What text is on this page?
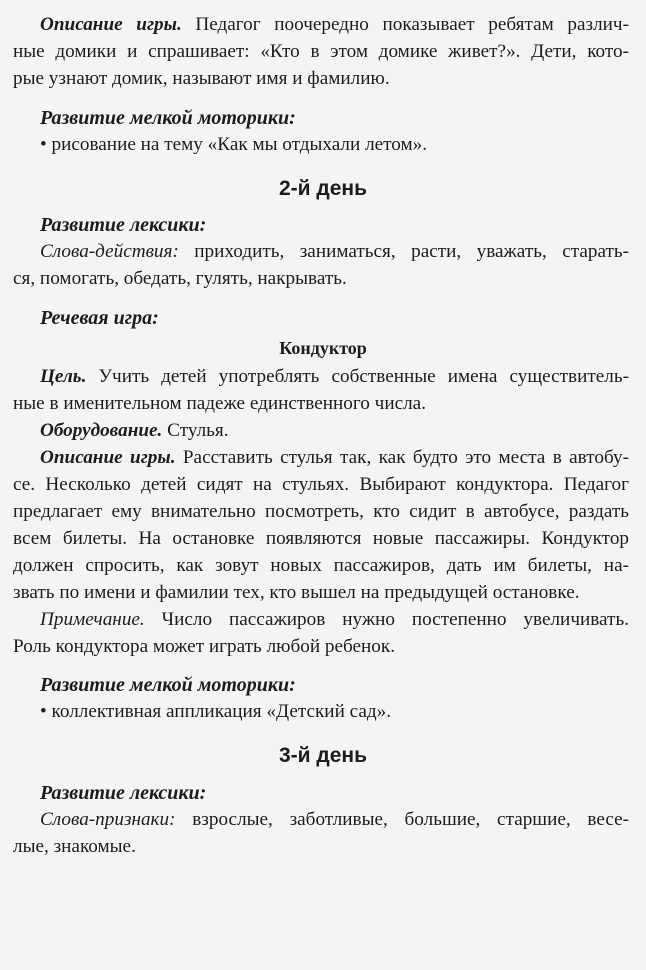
Описание игры. Педагог поочередно показывает ребятам различ-
ные домики и спрашивает: «Кто в этом домике живет?». Дети, кото-
рые узнают домик, называют имя и фамилию.
Развитие мелкой моторики:
• рисование на тему «Как мы отдыхали летом».
2-й день
Развитие лексики:
Слова-действия: приходить, заниматься, расти, уважать, старать-
ся, помогать, обедать, гулять, накрывать.
Речевая игра:
Кондуктор
Цель. Учить детей употреблять собственные имена существитель-
ные в именительном падеже единственного числа.
Оборудование. Стулья.
Описание игры. Расставить стулья так, как будто это места в автобу-
се. Несколько детей сидят на стульях. Выбирают кондуктора. Педагог
предлагает ему внимательно посмотреть, кто сидит в автобусе, раздать
всем билеты. На остановке появляются новые пассажиры. Кондуктор
должен спросить, как зовут новых пассажиров, дать им билеты, на-
звать по имени и фамилии тех, кто вышел на предыдущей остановке.
Примечание. Число пассажиров нужно постепенно увеличивать.
Роль кондуктора может играть любой ребенок.
Развитие мелкой моторики:
• коллективная аппликация «Детский сад».
3-й день
Развитие лексики:
Слова-признаки: взрослые, заботливые, большие, старшие, весе-
лые, знакомые.
